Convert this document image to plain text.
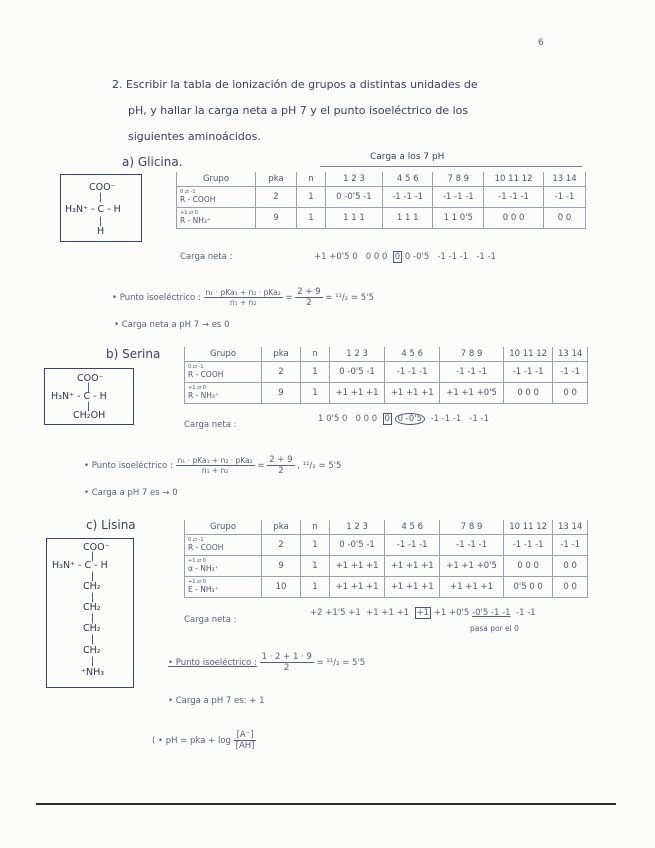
6
2. Escribir la tabla de ionización de grupos a distintas unidades de
pH, y hallar la carga neta a pH 7 y el punto isoeléctrico de los
siguientes aminoácidos.
a) Glicina.	Carga a los 7 pH
COO⁻
|
H₃N⁺ - C - H
|
H
Grupo	pka	n	1 2 3	4 5 6	7 8 9	10 11 12	13 14

0 ⇄ -1
R - COOH	2	1	0 -0'5 -1	-1 -1 -1	-1 -1 -1	-1 -1 -1	-1 -1

+1 ⇄ 0
R - NH₃⁺	9	1	1 1 1	1 1 1	1 1 0'5	0 0 0	0 0
Carga neta :	+1 +0'5 0 0 0 0 0 0 -0'5 -1 -1 -1 -1 -1
• Punto isoeléctrico : $\frac{\text{n₁ · pKa₁ + n₂ · pKa₂}}{\text{n₁ + n₂}} = \frac{2 + 9}{2} = ^{11}/_2 = 5'5$
• Carga neta a pH 7 → es 0
b) Serina
COO⁻
|
H₃N⁺ - C - H
|
CH₂OH
Grupo	pka	n	1 2 3	4 5 6	7 8 9	10 11 12	13 14

0 ⇄ -1
R - COOH	2	1	0 -0'5 -1	-1 -1 -1	-1 -1 -1	-1 -1 -1	-1 -1

+1 ⇄ 0
R - NH₃⁺	9	1	+1 +1 +1	+1 +1 +1	+1 +1 +0'5	0 0 0	0 0
Carga neta :
1 0'5 0 0 0 0 0 0 -0'5 -1 -1 -1 -1 -1
• Punto isoeléctrico : $\frac{\text{n₁ · pKa₁ + n₂ · pKa₂}}{\text{n₁ + n₂}} = \frac{2 + 9}{2}$ , ¹¹/₂ = 5'5
• Carga a pH 7 es → 0
c) Lisina
COO⁻
|
H₃N⁺ - C - H
|
CH₂
|
CH₂
|
CH₂
|
CH₂
|
⁺NH₃
Grupo	pka	n	1 2 3	4 5 6	7 8 9	10 11 12	13 14

0 ⇄ -1
R - COOH	2	1	0 -0'5 -1	-1 -1 -1	-1 -1 -1	-1 -1 -1	-1 -1

+1 ⇄ 0
α - NH₃⁺	9	1	+1 +1 +1	+1 +1 +1	+1 +1 +0'5	0 0 0	0 0

+1 ⇄ 0
E - NH₃⁺	10	1	+1 +1 +1	+1 +1 +1	+1 +1 +1	0'5 0 0	0 0
Carga neta :
+2 +1'5 +1 +1 +1 +1 +1 +1 +0'5 -0'5 -1 -1 -1 -1
pasa por el 0
• Punto isoeléctrico : $\frac{1 \cdot 2 + 1 \cdot 9}{2} = ^{11}/_2 = 5'5$
• Carga a pH 7 es: + 1
( • pH = pka + $\log \frac{[A^-]}{[AH]}$
